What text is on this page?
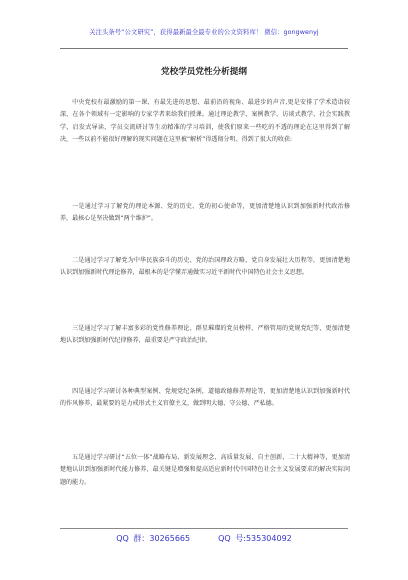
关注头条号“公文研究”，获得最新最全最专业的公文资料库！ 微信：gongwenyj
党校学员党性分析提纲
中央党校有最激励的第一课、有最先进的思想、最前沿的视角、最进步的声音,更是安排了学术造诣较深、在各个领域有一定影响的专家学者来给我们授课。通过理论教学、案例教学、访谈式教学、社会实践教学、启发式导读、学员交流研讨等生动精准的学习培训，使我们原来一些吃的不透的理论在这里得到了解决，一些以前不能很好理解的现实问题在这里被“解析”得透彻分明、得到了很大的收获:
一是通过学习了解党的理论本源、党的历史、党的初心使命等，更加清楚地认识到加强新时代政治修养，最核心是坚决做到“两个维护”。
二是通过学习了解党为中华民族奋斗的历史、党的治国理政方略、党自身发展壮大历程等，更加清楚地认识到加强新时代理论修养，最根本的是学懂弄通做实习近平新时代中国特色社会主义思想。
三是通过学习了解丰富多彩的党性修养理论、群星璀璨的党员榜样、严格管用的党规党纪等，更加清楚地认识到加强新时代纪律修养，最重要是严守政治纪律。
四是通过学习研讨各种典型案例、党规党纪条例，道德政德修养理论等，更加清楚地认识到加强新时代的作风修养，最紧要的是力戒形式主义官僚主义，做到明大德、守公德、严私德。
五是通过学习研讨“五位一体”战略布局、新发展理念、高质量发展、自主创新、二十大精神等，更加清楚地认识到加强新时代能力修养，最关键是增强和提高适应新时代中国特色社会主义发展要求的解决实际问题的能力。
QQ 群：30265665	QQ 号:535304092
